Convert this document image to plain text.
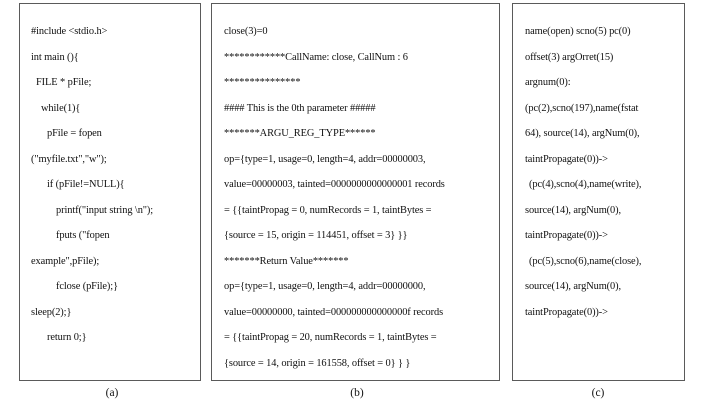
#include <stdio.h>
int main (){
FILE * pFile;
while(1){
pFile = fopen
("myfile.txt","w");
if (pFile!=NULL){
printf("input string \n");
fputs ("fopen
example",pFile);
fclose (pFile);}
sleep(2);}
return 0;}
(a)
close(3)=0
************CallName: close, CallNum : 6
***************
#### This is the 0th parameter #####
*******ARGU_REG_TYPE******
op={type=1, usage=0, length=4, addr=00000003,
value=00000003, tainted=0000000000000001 records
= {{taintPropag = 0, numRecords = 1, taintBytes =
{source = 15, origin = 114451, offset = 3} }}
*******Return Value*******
op={type=1, usage=0, length=4, addr=00000000,
value=00000000, tainted=000000000000000f records
= {{taintPropag = 20, numRecords = 1, taintBytes =
{source = 14, origin = 161558, offset = 0} } }
(b)
name(open) scno(5) pc(0)
offset(3) argOrret(15)
argnum(0):
(pc(2),scno(197),name(fstat
64), source(14), argNum(0),
taintPropagate(0))->
(pc(4),scno(4),name(write),
source(14), argNum(0),
taintPropagate(0))->
(pc(5),scno(6),name(close),
source(14), argNum(0),
taintPropagate(0))->
(c)
